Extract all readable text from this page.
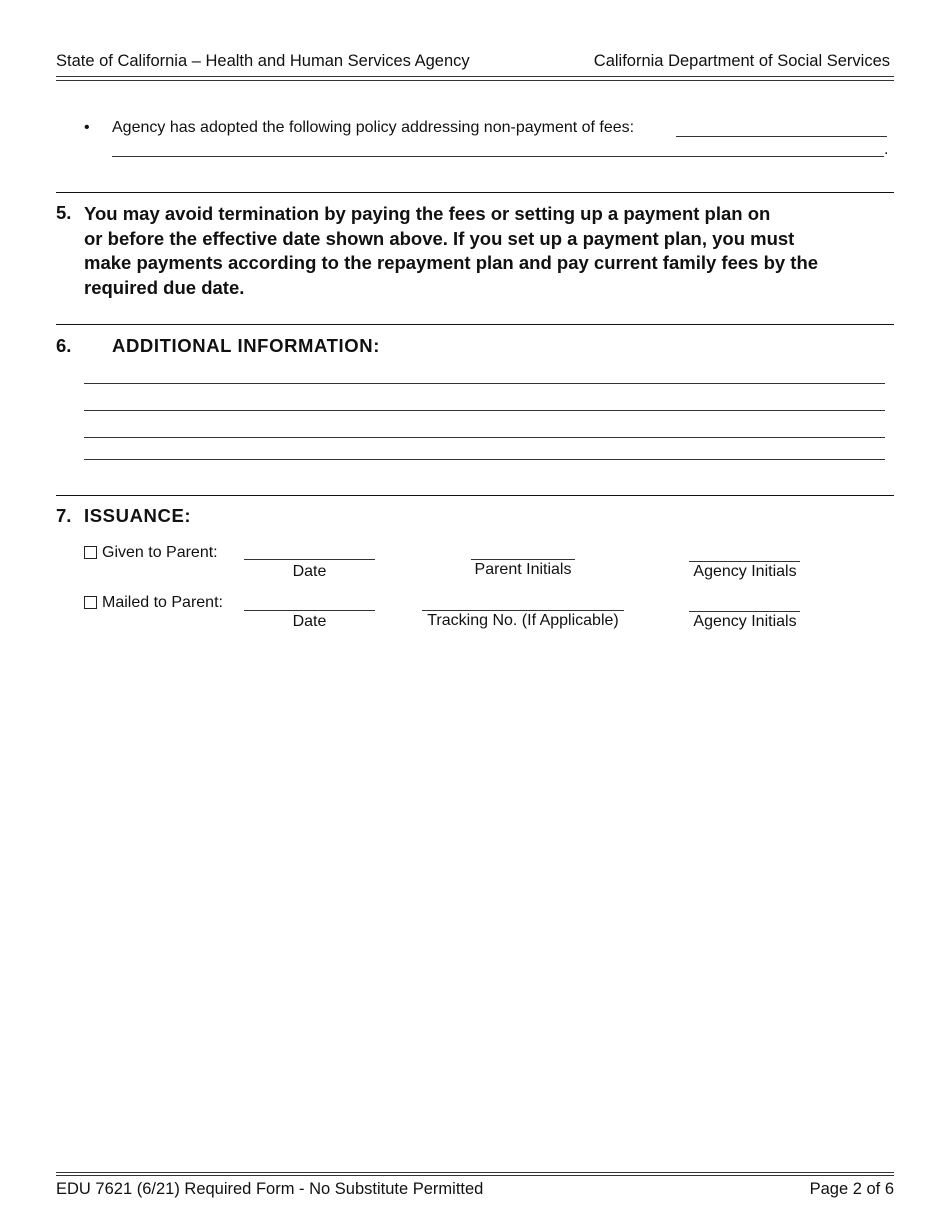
State of California – Health and Human Services Agency	California Department of Social Services
• Agency has adopted the following policy addressing non-payment of fees:
.
5. You may avoid termination by paying the fees or setting up a payment plan on
or before the effective date shown above. If you set up a payment plan, you must
make payments according to the repayment plan and pay current family fees by the
required due date.
6. ADDITIONAL INFORMATION:
7. ISSUANCE:
Given to Parent:
Date	Parent Initials	Agency Initials
Mailed to Parent:
Date	Tracking No. (If Applicable)	Agency Initials
EDU 7621 (6/21) Required Form - No Substitute Permitted	Page 2 of 6
